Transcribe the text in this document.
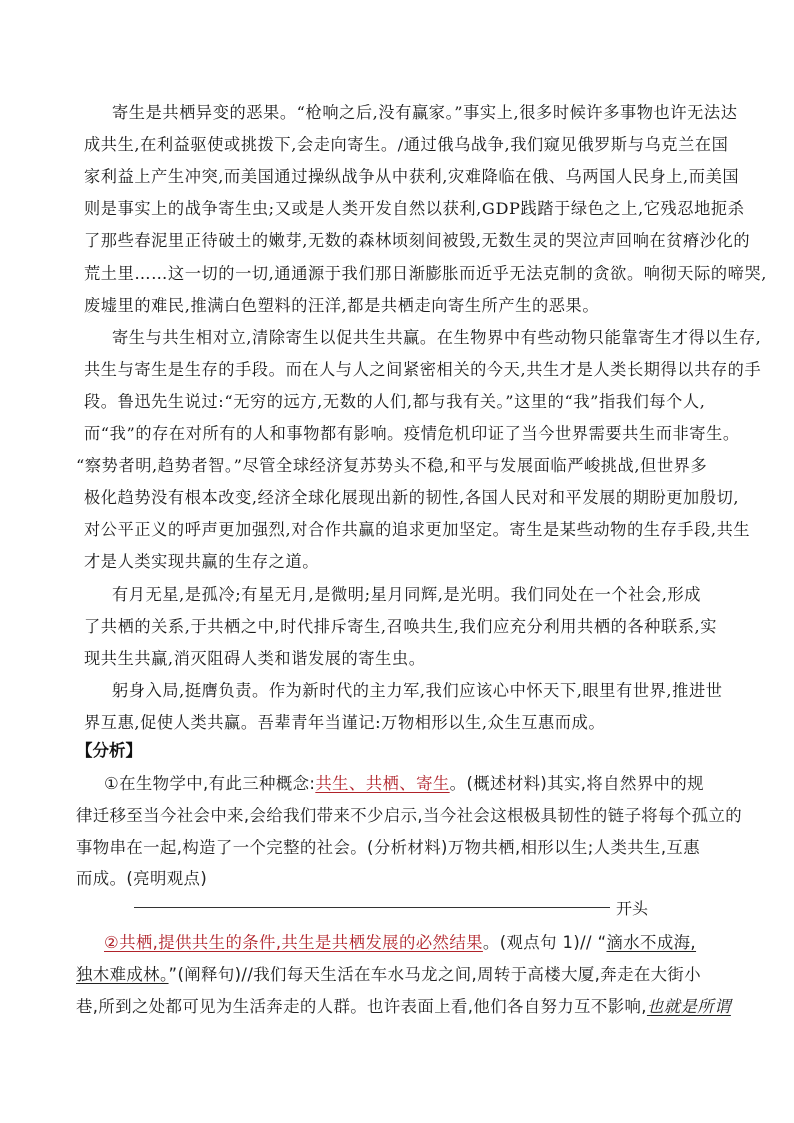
寄生是共栖异变的恶果。“枪响之后,没有赢家。”事实上,很多时候许多事物也许无法达
成共生,在利益驱使或挑拨下,会走向寄生。/通过俄乌战争,我们窥见俄罗斯与乌克兰在国
家利益上产生冲突,而美国通过操纵战争从中获利,灾难降临在俄、乌两国人民身上,而美国
则是事实上的战争寄生虫;又或是人类开发自然以获利,GDP践踏于绿色之上,它残忍地扼杀
了那些春泥里正待破土的嫩芽,无数的森林顷刻间被毁,无数生灵的哭泣声回响在贫瘠沙化的
荒土里……这一切的一切,通通源于我们那日渐膨胀而近乎无法克制的贪欲。响彻天际的啼哭,
废墟里的难民,推满白色塑料的汪洋,都是共栖走向寄生所产生的恶果。
寄生与共生相对立,清除寄生以促共生共赢。在生物界中有些动物只能靠寄生才得以生存,
共生与寄生是生存的手段。而在人与人之间紧密相关的今天,共生才是人类长期得以共存的手
段。鲁迅先生说过:“无穷的远方,无数的人们,都与我有关。”这里的“我”指我们每个人,
而“我”的存在对所有的人和事物都有影响。疫情危机印证了当今世界需要共生而非寄生。
“察势者明,趋势者智。”尽管全球经济复苏势头不稳,和平与发展面临严峻挑战,但世界多
极化趋势没有根本改变,经济全球化展现出新的韧性,各国人民对和平发展的期盼更加殷切,
对公平正义的呼声更加强烈,对合作共赢的追求更加坚定。寄生是某些动物的生存手段,共生
才是人类实现共赢的生存之道。
有月无星,是孤冷;有星无月,是微明;星月同辉,是光明。我们同处在一个社会,形成
了共栖的关系,于共栖之中,时代排斥寄生,召唤共生,我们应充分利用共栖的各种联系,实
现共生共赢,消灭阻碍人类和谐发展的寄生虫。
躬身入局,挺膺负责。作为新时代的主力军,我们应该心中怀天下,眼里有世界,推进世
界互惠,促使人类共赢。吾辈青年当谨记:万物相形以生,众生互惠而成。
【分析】
①在生物学中,有此三种概念:共生、共栖、寄生。(概述材料)其实,将自然界中的规
律迁移至当今社会中来,会给我们带来不少启示,当今社会这根极具韧性的链子将每个孤立的
事物串在一起,构造了一个完整的社会。(分析材料)万物共栖,相形以生;人类共生,互惠
而成。(亮明观点)
开头
②共栖,提供共生的条件,共生是共栖发展的必然结果。(观点句 1)// “滴水不成海,
独木难成林。”(阐释句)//我们每天生活在车水马龙之间,周转于高楼大厦,奔走在大街小
巷,所到之处都可见为生活奔走的人群。也许表面上看,他们各自努力互不影响,也就是所谓
